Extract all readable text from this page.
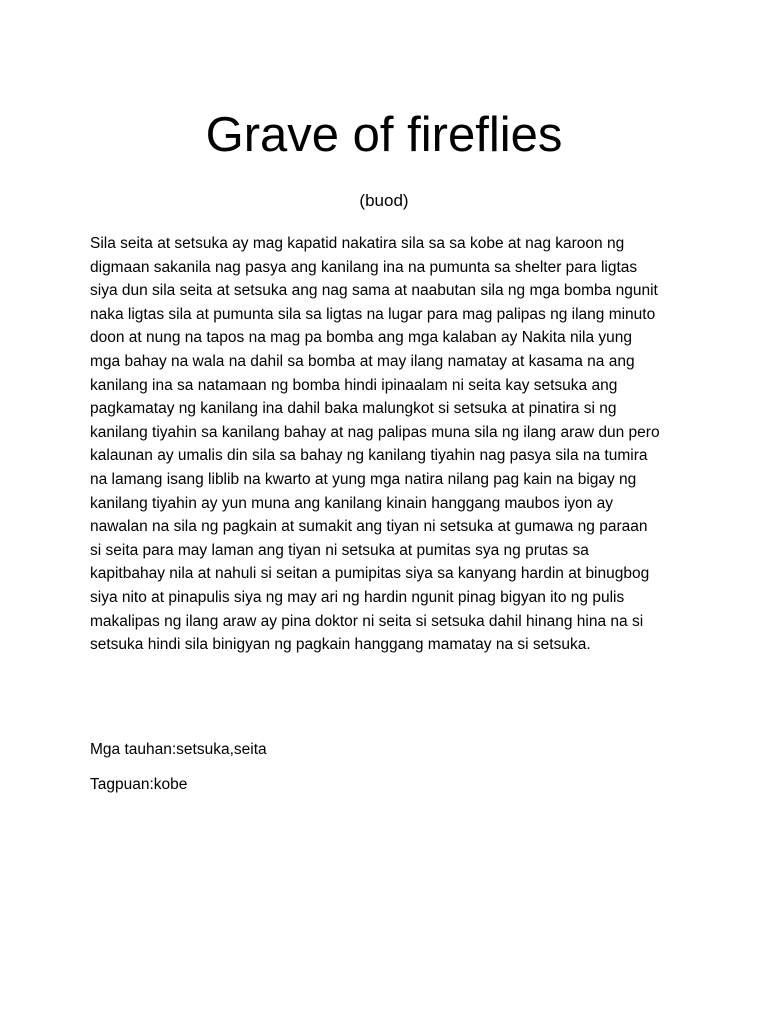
Grave of fireflies

(buod)

Sila seita at setsuka ay mag kapatid nakatira sila sa sa kobe at nag karoon ng
digmaan sakanila nag pasya ang kanilang ina na pumunta sa shelter para ligtas
siya dun sila seita at setsuka ang nag sama at naabutan sila ng mga bomba ngunit
naka ligtas sila at pumunta sila sa ligtas na lugar para mag palipas ng ilang minuto
doon at nung na tapos na mag pa bomba ang mga kalaban ay Nakita nila yung
mga bahay na wala na dahil sa bomba at may ilang namatay at kasama na ang
kanilang ina sa natamaan ng bomba hindi ipinaalam ni seita kay setsuka ang
pagkamatay ng kanilang ina dahil baka malungkot si setsuka at pinatira si ng
kanilang tiyahin sa kanilang bahay at nag palipas muna sila ng ilang araw dun pero
kalaunan ay umalis din sila sa bahay ng kanilang tiyahin nag pasya sila na tumira
na lamang isang liblib na kwarto at yung mga natira nilang pag kain na bigay ng
kanilang tiyahin ay yun muna ang kanilang kinain hanggang maubos iyon ay
nawalan na sila ng pagkain at sumakit ang tiyan ni setsuka at gumawa ng paraan
si seita para may laman ang tiyan ni setsuka at pumitas sya ng prutas sa
kapitbahay nila at nahuli si seitan a pumipitas siya sa kanyang hardin at binugbog
siya nito at pinapulis siya ng may ari ng hardin ngunit pinag bigyan ito ng pulis
makalipas ng ilang araw ay pina doktor ni seita si setsuka dahil hinang hina na si
setsuka hindi sila binigyan ng pagkain hanggang mamatay na si setsuka.

Mga tauhan:setsuka,seita

Tagpuan:kobe
